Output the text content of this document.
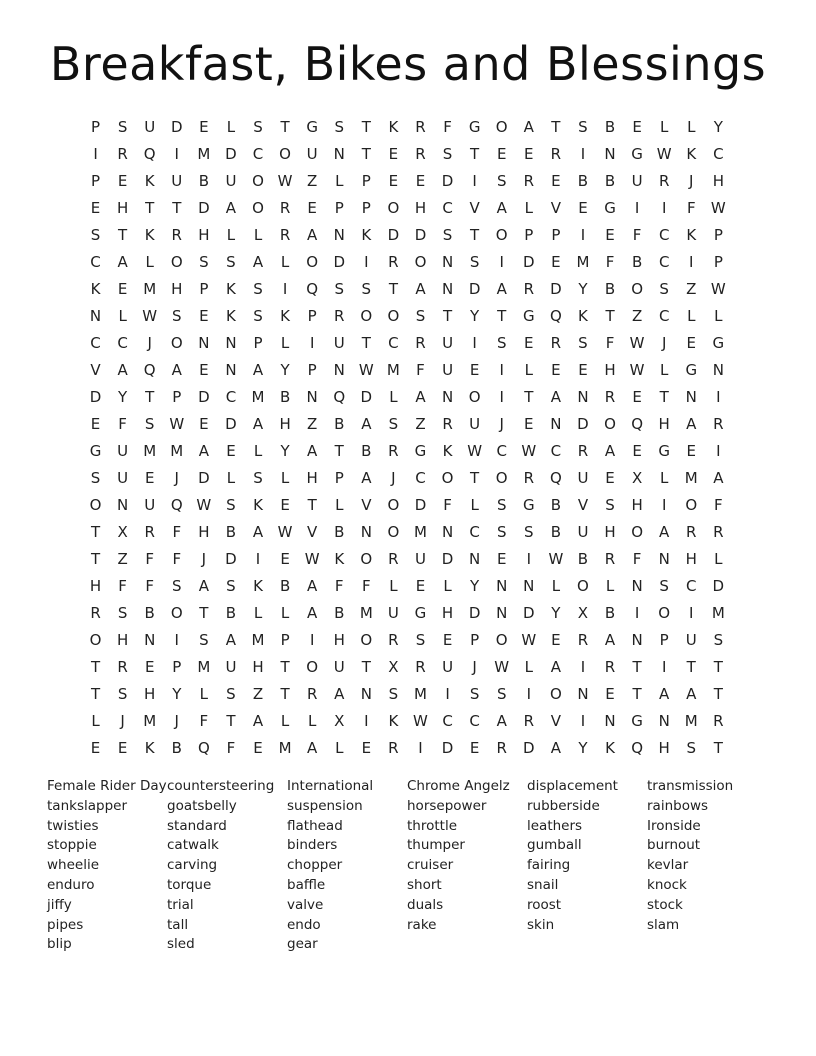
Breakfast, Bikes and Blessings
P	S	U	D	E	L	S	T	G	S	T	K	R	F	G	O	A	T	S	B	E	L	L	Y
I	R	Q	I	M D	C	O	U	N	T	E	R	S	T	E	E	R	I	N	G W K	C
P	E	K	U	B	U	O W Z	L	P	E	E	D	I	S	R	E	B	B	U	R	J	H
E	H	T	T	D	A	O	R	E	P	P	O	H	C	V	A	L	V	E	G	I	I	F	W
S	T	K	R	H	L	L	R	A	N	K	D	D	S	T	O	P	P	I	E	F	C	K	P
C	A	L	O	S	S	A	L	O	D	I	R	O	N	S	I	D	E	M	F	B	C	I	P
K	E	M H	P	K	S	I	Q	S	S	T	A	N	D	A	R	D	Y	B	O	S	Z W
N	L	W S	E	K	S	K	P	R	O	O	S	T	Y	T	G	Q	K	T	Z	C	L	L
C	C	J	O	N	N	P	L	I	U	T	C	R	U	I	S	E	R	S	F	W	J	E	G
V	A	Q	A	E	N	A	Y	P	N W M	F	U	E	I	L	E	E	H W	L	G	N
D	Y	T	P	D	C	M	B	N	Q	D	L	A	N	O	I	T	A	N	R	E	T	N	I
E	F	S W E	D	A	H	Z	B	A	S	Z	R	U	J	E	N	D	O	Q	H	A	R
G	U	M M	A	E	L	Y	A	T	B	R	G	K W C W C	R	A	E	G	E	I
S	U	E	J	D	L	S	L	H	P	A	J	C	O	T	O	R	Q	U	E	X	L	M	A
O	N	U	Q W S	K	E	T	L	V	O	D	F	L	S	G	B	V	S	H	I	O	F
T	X	R	F	H	B	A W V	B	N	O M N	C	S	S	B	U	H	O	A	R	R
T	Z	F	F	J	D	I	E W K	O	R	U	D	N	E	I	W B	R	F	N	H	L
H	F	F	S	A	S	K	B	A	F	F	L	E	L	Y	N	N	L	O	L	N	S	C	D
R	S	B	O	T	B	L	L	A	B	M	U	G	H	D	N	D	Y	X	B	I	O	I	M
O	H	N	I	S	A	M	P	I	H	O	R	S	E	P	O W E	R	A	N	P	U	S
T	R	E	P	M	U	H	T	O	U	T	X	R	U	J	W	L	A	I	R	T	I	T	T
T	S	H	Y	L	S	Z	T	R	A	N	S	M	I	S	S	I	O	N	E	T	A	A	T
L	J	M	J	F	T	A	L	L	X	I	K W C	C	A	R	V	I	N	G	N M	R
E	E	K	B	Q	F	E	M	A	L	E	R	I	D	E	R	D	A	Y	K	Q	H	S	T
Female Rider Day
tankslapper
twisties
stoppie
wheelie
enduro
jiffy
pipes
blip
countersteering
goatsbelly
standard
catwalk
carving
torque
trial
tall
sled
International
suspension
flathead
binders
chopper
baffle
valve
endo
gear
Chrome Angelz
horsepower
throttle
thumper
cruiser
short
duals
rake
displacement
rubberside
leathers
gumball
fairing
snail
roost
skin
transmission
rainbows
Ironside
burnout
kevlar
knock
stock
slam
